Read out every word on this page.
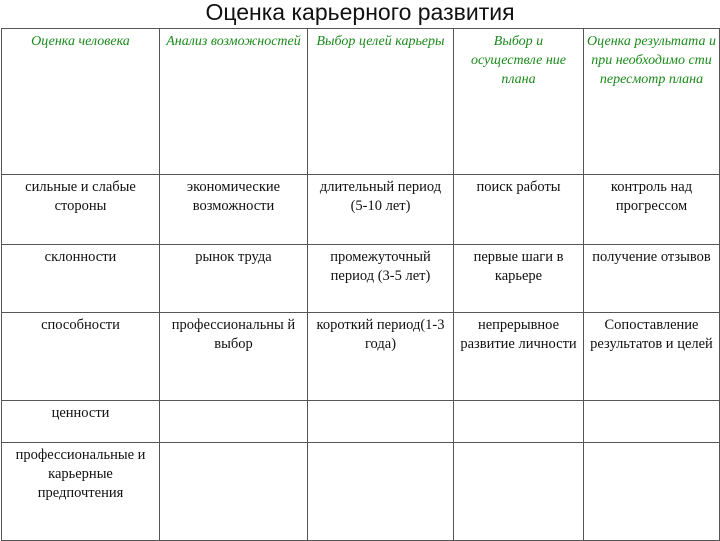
Оценка карьерного развития
Оценка человека	Анализ возможностей	Выбор целей карьеры	Выбор и осуществле ние плана	Оценка результата и при необходимо сти пересмотр плана
сильные и слабые стороны	экономические возможности	длительный период (5-10 лет)	поиск работы	контроль над прогрессом
склонности	рынок труда	промежуточный период (3-5 лет)	первые шаги в карьере	получение отзывов
способности	профессиональны й выбор	короткий период(1-3 года)	непрерывное развитие личности	Сопоставление результатов и целей
ценности				
профессиональные и карьерные предпочтения				
